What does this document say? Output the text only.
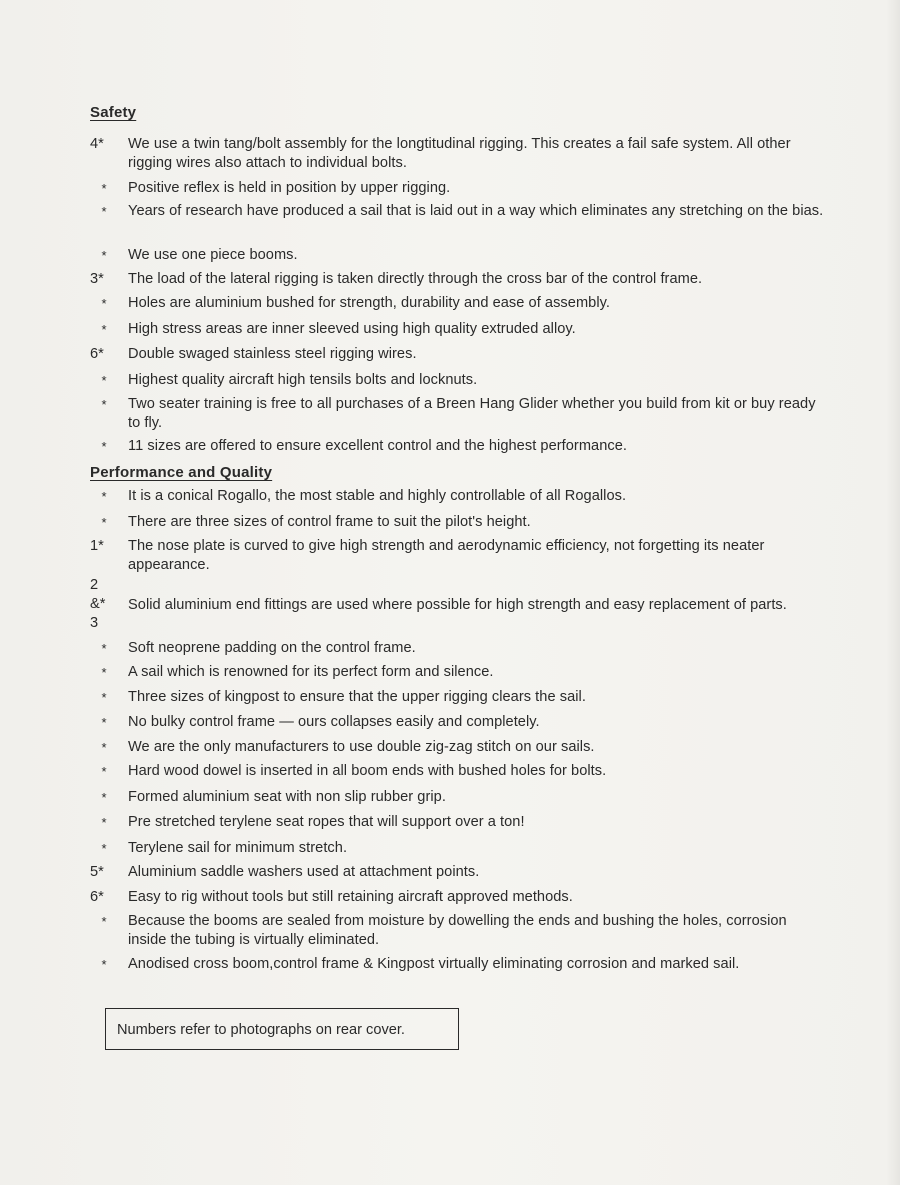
Safety
4*	We use a twin tang/bolt assembly for the longtitudinal rigging. This creates a fail safe system. All other rigging wires also attach to individual bolts.
*	Positive reflex is held in position by upper rigging.
*	Years of research have produced a sail that is laid out in a way which eliminates any stretching on the bias.
*	We use one piece booms.
3*	The load of the lateral rigging is taken directly through the cross bar of the control frame.
*	Holes are aluminium bushed for strength, durability and ease of assembly.
*	High stress areas are inner sleeved using high quality extruded alloy.
6*	Double swaged stainless steel rigging wires.
*	Highest quality aircraft high tensils bolts and locknuts.
*	Two seater training is free to all purchases of a Breen Hang Glider whether you build from kit or buy ready to fly.
*	11 sizes are offered to ensure excellent control and the highest performance.
Performance and Quality
*	It is a conical Rogallo, the most stable and highly controllable of all Rogallos.
*	There are three sizes of control frame to suit the pilot's height.
1*	The nose plate is curved to give high strength and aerodynamic efficiency, not forgetting its neater appearance.
2
&*
3
Solid aluminium end fittings are used where possible for high strength and easy replacement of parts.
*	Soft neoprene padding on the control frame.
*	A sail which is renowned for its perfect form and silence.
*	Three sizes of kingpost to ensure that the upper rigging clears the sail.
*	No bulky control frame — ours collapses easily and completely.
*	We are the only manufacturers to use double zig-zag stitch on our sails.
*	Hard wood dowel is inserted in all boom ends with bushed holes for bolts.
*	Formed aluminium seat with non slip rubber grip.
*	Pre stretched terylene seat ropes that will support over a ton!
*	Terylene sail for minimum stretch.
5*	Aluminium saddle washers used at attachment points.
6*	Easy to rig without tools but still retaining aircraft approved methods.
*	Because the booms are sealed from moisture by dowelling the ends and bushing the holes, corrosion inside the tubing is virtually eliminated.
*	Anodised cross boom,control frame & Kingpost virtually eliminating corrosion and marked sail.
Numbers refer to photographs on rear cover.
